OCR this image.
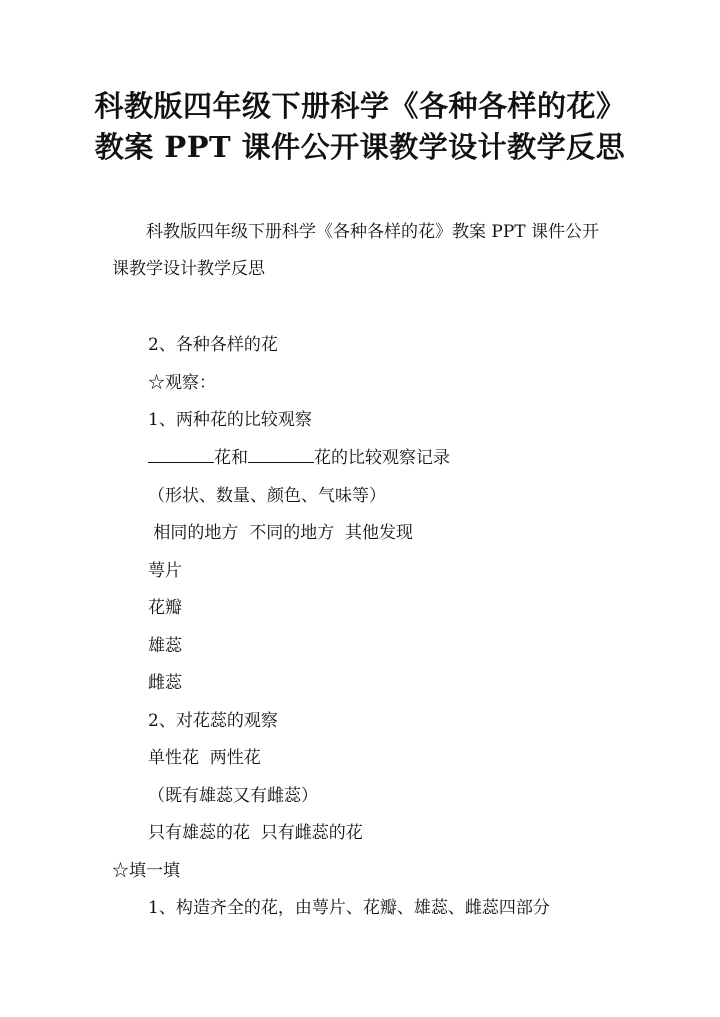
科教版四年级下册科学《各种各样的花》
教案 PPT 课件公开课教学设计教学反思
科教版四年级下册科学《各种各样的花》教案 PPT 课件公开课教学设计教学反思
2、各种各样的花
☆观察：
1、两种花的比较观察
花和	花的比较观察记录
（形状、数量、颜色、气味等）
相同的地方  不同的地方  其他发现
萼片
花瓣
雄蕊
雌蕊
2、对花蕊的观察
单性花  两性花
（既有雄蕊又有雌蕊）
只有雄蕊的花  只有雌蕊的花
☆填一填
1、构造齐全的花，由萼片、花瓣、雄蕊、雌蕊四部分
